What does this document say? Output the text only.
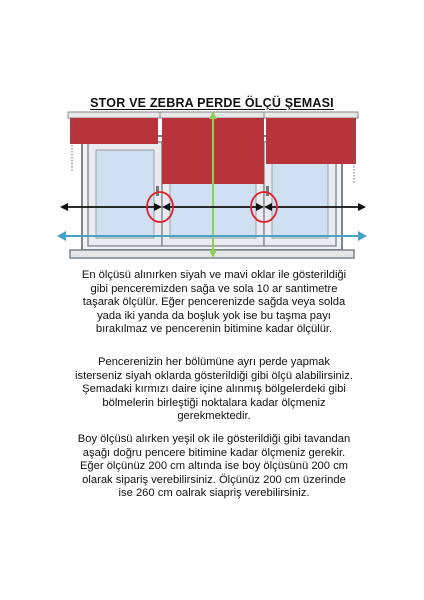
STOR VE ZEBRA PERDE ÖLÇÜ ŞEMASI
En ölçüsü alınırken siyah ve mavi oklar ile gösterildiği gibi penceremizden sağa ve sola 10 ar santimetre taşarak ölçülür. Eğer pencerenizde sağda veya solda yada iki yanda da boşluk yok ise bu taşma payı bırakılmaz ve pencerenin bitimine kadar ölçülür.
Pencerenizin her bölümüne ayrı perde yapmak isterseniz siyah oklarda gösterildiği gibi ölçü alabilirsiniz. Şemadaki kırmızı daire içine alınmış bölgelerdeki gibi bölmelerin birleştiği noktalara kadar ölçmeniz gerekmektedir.
Boy ölçüsü alırken yeşil ok ile gösterildiği gibi tavandan aşağı doğru pencere bitimine kadar ölçmeniz gerekir. Eğer ölçünüz 200 cm altında ise boy ölçüsünü 200 cm olarak sipariş verebilirsiniz. Ölçünüz 200 cm üzerinde ise 260 cm oalrak siapriş verebilirsiniz.
